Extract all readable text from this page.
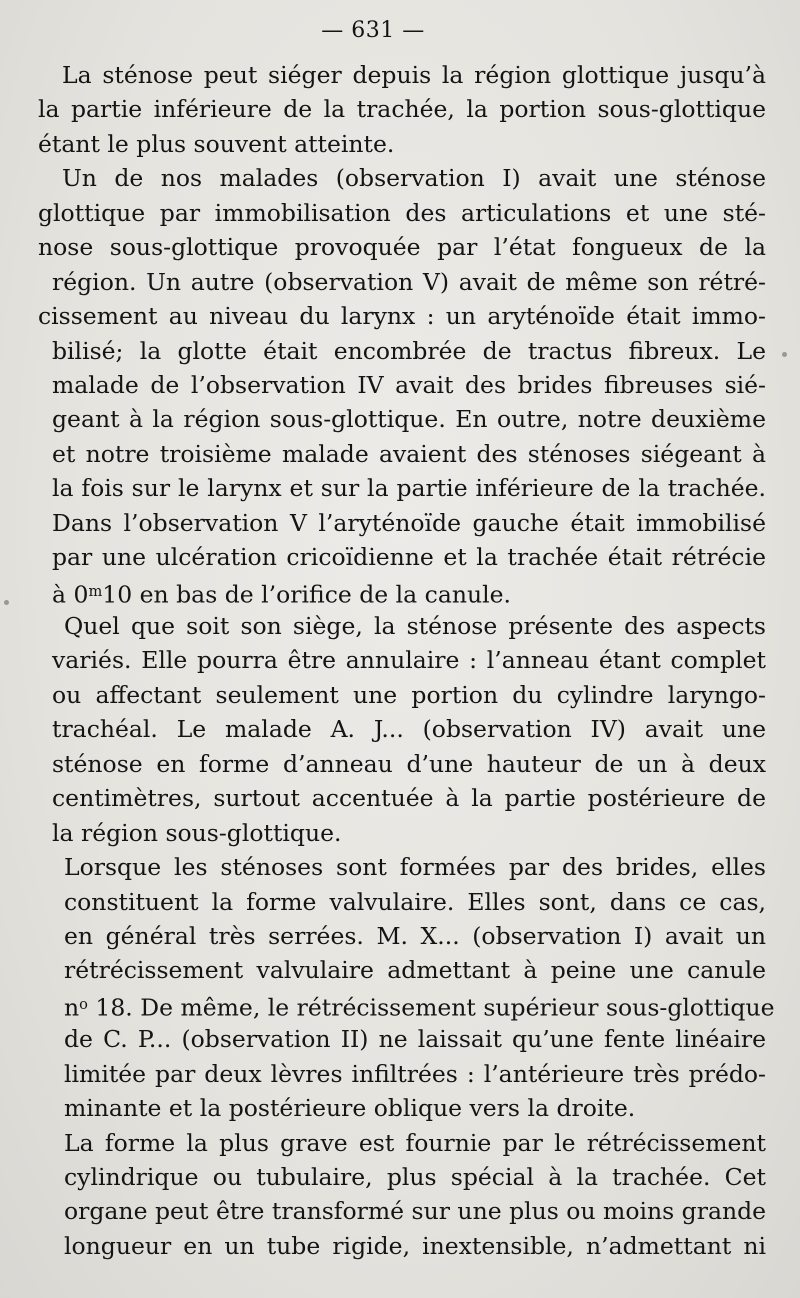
— 631 —
La sténose peut siéger depuis la région glottique jusqu’à
la partie inférieure de la trachée, la portion sous-glottique
étant le plus souvent atteinte.
Un de nos malades (observation I) avait une sténose
glottique par immobilisation des articulations et une sté-
nose sous-glottique provoquée par l’état fongueux de la
région. Un autre (observation V) avait de même son rétré-
cissement au niveau du larynx : un aryténoïde était immo-
bilisé; la glotte était encombrée de tractus fibreux. Le
malade de l’observation IV avait des brides fibreuses sié-
geant à la région sous-glottique. En outre, notre deuxième
et notre troisième malade avaient des sténoses siégeant à
la fois sur le larynx et sur la partie inférieure de la trachée.
Dans l’observation V l’aryténoïde gauche était immobilisé
par une ulcération cricoïdienne et la trachée était rétrécie
à 0$^m$10 en bas de l’orifice de la canule.
Quel que soit son siège, la sténose présente des aspects
variés. Elle pourra être annulaire : l’anneau étant complet
ou affectant seulement une portion du cylindre laryngo-
trachéal. Le malade A. J... (observation IV) avait une
sténose en forme d’anneau d’une hauteur de un à deux
centimètres, surtout accentuée à la partie postérieure de
la région sous-glottique.
Lorsque les sténoses sont formées par des brides, elles
constituent la forme valvulaire. Elles sont, dans ce cas,
en général très serrées. M. X... (observation I) avait un
rétrécissement valvulaire admettant à peine une canule
$n^o$ 18. De même, le rétrécissement supérieur sous-glottique
de C. P... (observation II) ne laissait qu’une fente linéaire
limitée par deux lèvres infiltrées : l’antérieure très prédo-
minante et la postérieure oblique vers la droite.
La forme la plus grave est fournie par le rétrécissement
cylindrique ou tubulaire, plus spécial à la trachée. Cet
organe peut être transformé sur une plus ou moins grande
longueur en un tube rigide, inextensible, n’admettant ni
